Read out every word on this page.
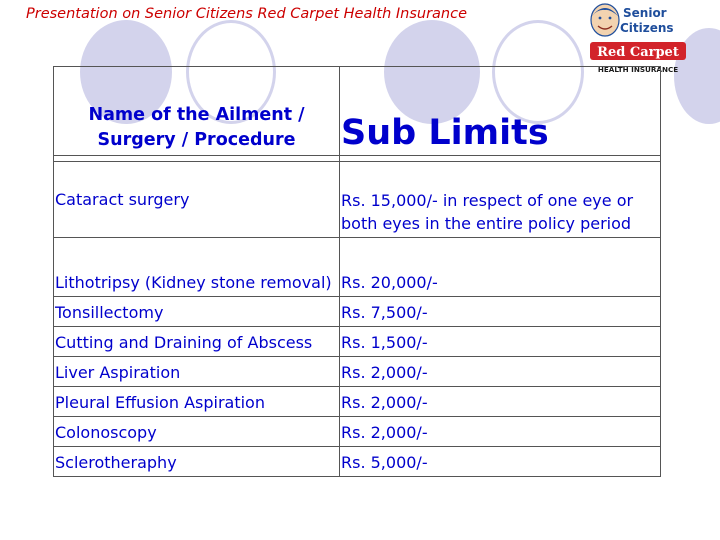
Presentation on Senior Citizens Red Carpet Health Insurance	Senior
Citizens
Red Carpet
HEALTH INSURANCE
Name of the Ailment / Surgery / Procedure	Sub Limits

Cataract surgery	Rs. 15,000/- in respect of one eye or both eyes in the entire policy period
Lithotripsy (Kidney stone removal)	Rs. 20,000/-
Tonsillectomy	Rs. 7,500/-
Cutting and Draining of Abscess	Rs. 1,500/-
Liver Aspiration	Rs. 2,000/-
Pleural Effusion Aspiration	Rs. 2,000/-
Colonoscopy	Rs. 2,000/-
Sclerotheraphy	Rs. 5,000/-
